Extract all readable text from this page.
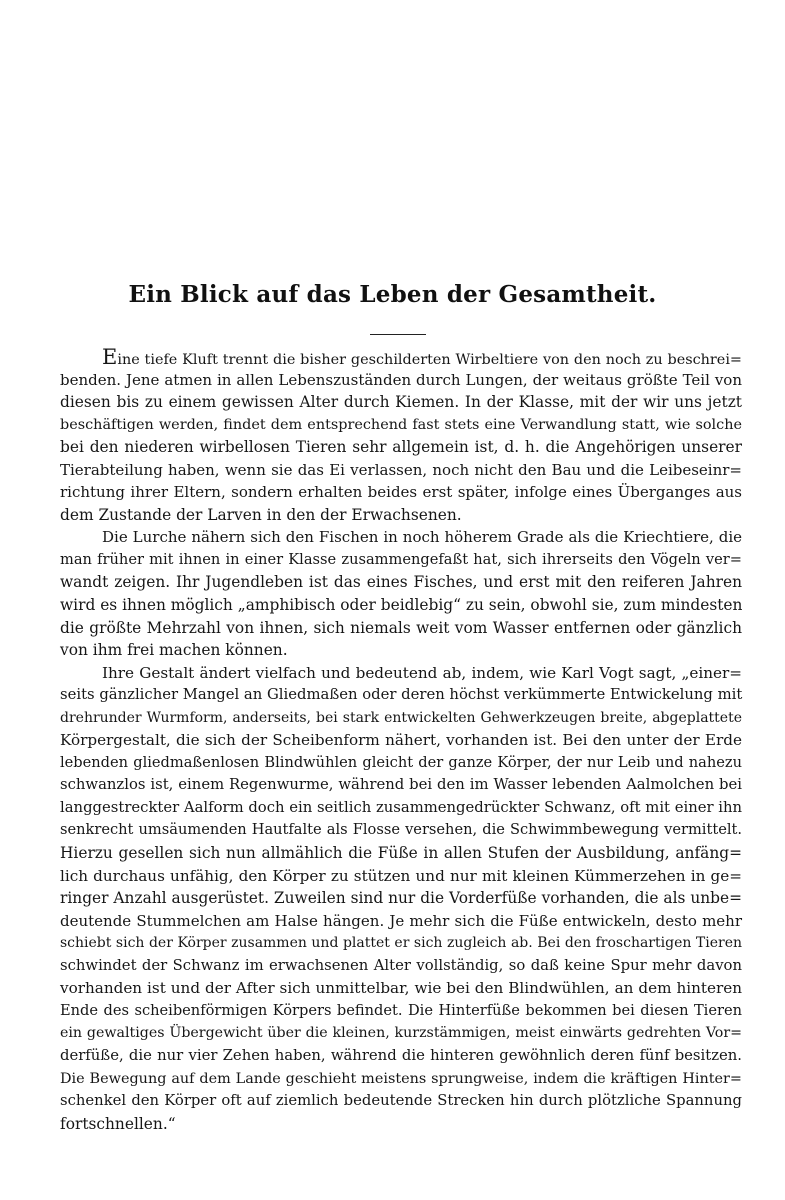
Ein Blick auf das Leben der Gesamtheit.
Eine tiefe Kluft trennt die bisher geschilderten Wirbeltiere von den noch zu beschrei=
benden. Jene atmen in allen Lebenszuständen durch Lungen, der weitaus größte Teil von
diesen bis zu einem gewissen Alter durch Kiemen. In der Klasse, mit der wir uns jetzt
beschäftigen werden, findet dem entsprechend fast stets eine Verwandlung statt, wie solche
bei den niederen wirbellosen Tieren sehr allgemein ist, d. h. die Angehörigen unserer
Tierabteilung haben, wenn sie das Ei verlassen, noch nicht den Bau und die Leibeseinr=
richtung ihrer Eltern, sondern erhalten beides erst später, infolge eines Überganges aus
dem Zustande der Larven in den der Erwachsenen.
Die Lurche nähern sich den Fischen in noch höherem Grade als die Kriechtiere, die
man früher mit ihnen in einer Klasse zusammengefaßt hat, sich ihrerseits den Vögeln ver=
wandt zeigen. Ihr Jugendleben ist das eines Fisches, und erst mit den reiferen Jahren
wird es ihnen möglich „amphibisch oder beidlebig“ zu sein, obwohl sie, zum mindesten
die größte Mehrzahl von ihnen, sich niemals weit vom Wasser entfernen oder gänzlich
von ihm frei machen können.
Ihre Gestalt ändert vielfach und bedeutend ab, indem, wie Karl Vogt sagt, „einer=
seits gänzlicher Mangel an Gliedmaßen oder deren höchst verkümmerte Entwickelung mit
drehrunder Wurmform, anderseits, bei stark entwickelten Gehwerkzeugen breite, abgeplattete
Körpergestalt, die sich der Scheibenform nähert, vorhanden ist. Bei den unter der Erde
lebenden gliedmaßenlosen Blindwühlen gleicht der ganze Körper, der nur Leib und nahezu
schwanzlos ist, einem Regenwurme, während bei den im Wasser lebenden Aalmolchen bei
langgestreckter Aalform doch ein seitlich zusammengedrückter Schwanz, oft mit einer ihn
senkrecht umsäumenden Hautfalte als Flosse versehen, die Schwimmbewegung vermittelt.
Hierzu gesellen sich nun allmählich die Füße in allen Stufen der Ausbildung, anfäng=
lich durchaus unfähig, den Körper zu stützen und nur mit kleinen Kümmerzehen in ge=
ringer Anzahl ausgerüstet. Zuweilen sind nur die Vorderfüße vorhanden, die als unbe=
deutende Stummelchen am Halse hängen. Je mehr sich die Füße entwickeln, desto mehr
schiebt sich der Körper zusammen und plattet er sich zugleich ab. Bei den froschartigen Tieren
schwindet der Schwanz im erwachsenen Alter vollständig, so daß keine Spur mehr davon
vorhanden ist und der After sich unmittelbar, wie bei den Blindwühlen, an dem hinteren
Ende des scheibenförmigen Körpers befindet. Die Hinterfüße bekommen bei diesen Tieren
ein gewaltiges Übergewicht über die kleinen, kurzstämmigen, meist einwärts gedrehten Vor=
derfüße, die nur vier Zehen haben, während die hinteren gewöhnlich deren fünf besitzen.
Die Bewegung auf dem Lande geschieht meistens sprungweise, indem die kräftigen Hinter=
schenkel den Körper oft auf ziemlich bedeutende Strecken hin durch plötzliche Spannung
fortschnellen.“
